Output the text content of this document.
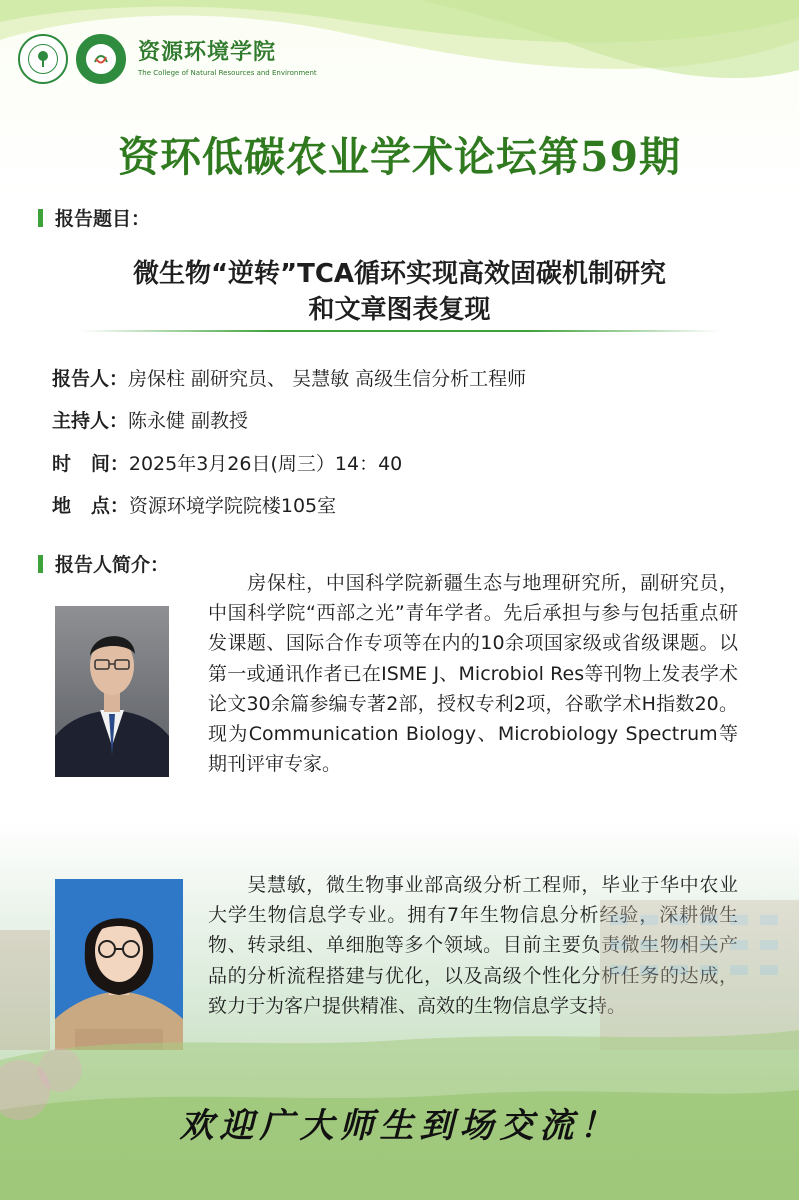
资源环境学院
The College of Natural Resources and Environment
资环低碳农业学术论坛第59期
报告题目：
微生物“逆转”TCA循环实现高效固碳机制研究
和文章图表复现
报告人：房保柱 副研究员、 吴慧敏 高级生信分析工程师
主持人：陈永健 副教授
时   间：2025年3月26日(周三）14：40
地   点：资源环境学院院楼105室
报告人简介：

　　房保柱，中国科学院新疆生态与地理研究所，副研究员，中国科学院“西部之光”青年学者。先后承担与参与包括重点研发课题、国际合作专项等在内的10余项国家级或省级课题。以第一或通讯作者已在ISME J、Microbiol Res等刊物上发表学术论文30余篇参编专著2部，授权专利2项，谷歌学术H指数20。现为Communication Biology、Microbiology Spectrum等期刊评审专家。

　　吴慧敏，微生物事业部高级分析工程师，毕业于华中农业大学生物信息学专业。拥有7年生物信息分析经验，深耕微生物、转录组、单细胞等多个领域。目前主要负责微生物相关产品的分析流程搭建与优化，以及高级个性化分析任务的达成，致力于为客户提供精准、高效的生物信息学支持。

欢迎广大师生到场交流！
